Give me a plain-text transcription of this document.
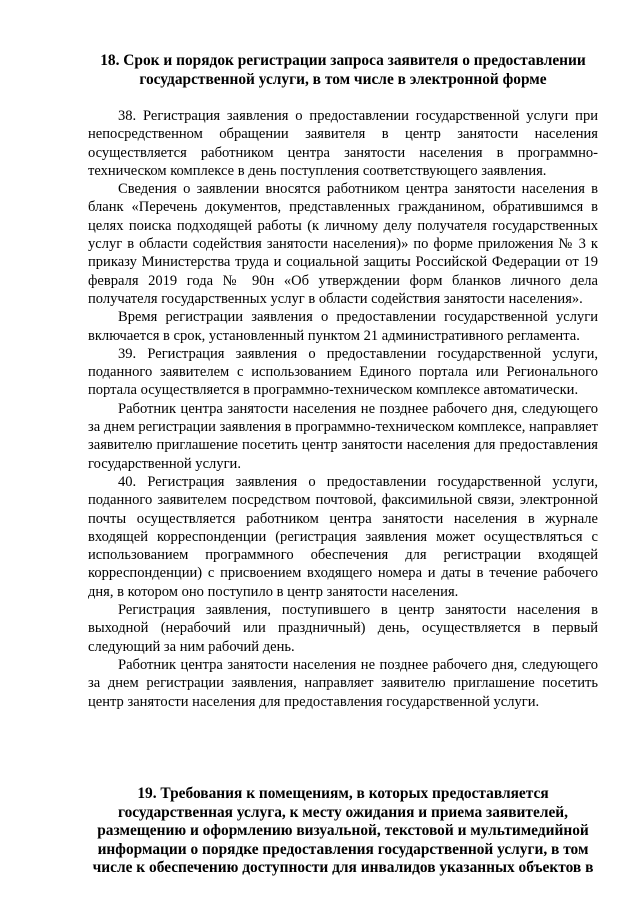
18. Срок и порядок регистрации запроса заявителя о предоставлении государственной услуги, в том числе в электронной форме

38. Регистрация заявления о предоставлении государственной услуги при непосредственном обращении заявителя в центр занятости населения осуществляется работником центра занятости населения в программно-техническом комплексе в день поступления соответствующего заявления.

Сведения о заявлении вносятся работником центра занятости населения в бланк «Перечень документов, представленных гражданином, обратившимся в целях поиска подходящей работы (к личному делу получателя государственных услуг в области содействия занятости населения)» по форме приложения № 3 к приказу Министерства труда и социальной защиты Российской Федерации от 19 февраля 2019 года № 90н «Об утверждении форм бланков личного дела получателя государственных услуг в области содействия занятости населения».

Время регистрации заявления о предоставлении государственной услуги включается в срок, установленный пунктом 21 административного регламента.

39. Регистрация заявления о предоставлении государственной услуги, поданного заявителем с использованием Единого портала или Регионального портала осуществляется в программно-техническом комплексе автоматически.

Работник центра занятости населения не позднее рабочего дня, следующего за днем регистрации заявления в программно-техническом комплексе, направляет заявителю приглашение посетить центр занятости населения для предоставления государственной услуги.

40. Регистрация заявления о предоставлении государственной услуги, поданного заявителем посредством почтовой, факсимильной связи, электронной почты осуществляется работником центра занятости населения в журнале входящей корреспонденции (регистрация заявления может осуществляться с использованием программного обеспечения для регистрации входящей корреспонденции) с присвоением входящего номера и даты в течение рабочего дня, в котором оно поступило в центр занятости населения.

Регистрация заявления, поступившего в центр занятости населения в выходной (нерабочий или праздничный) день, осуществляется в первый следующий за ним рабочий день.

Работник центра занятости населения не позднее рабочего дня, следующего за днем регистрации заявления, направляет заявителю приглашение посетить центр занятости населения для предоставления государственной услуги.

19. Требования к помещениям, в которых предоставляется государственная услуга, к месту ожидания и приема заявителей, размещению и оформлению визуальной, текстовой и мультимедийной информации о порядке предоставления государственной услуги, в том числе к обеспечению доступности для инвалидов указанных объектов в
